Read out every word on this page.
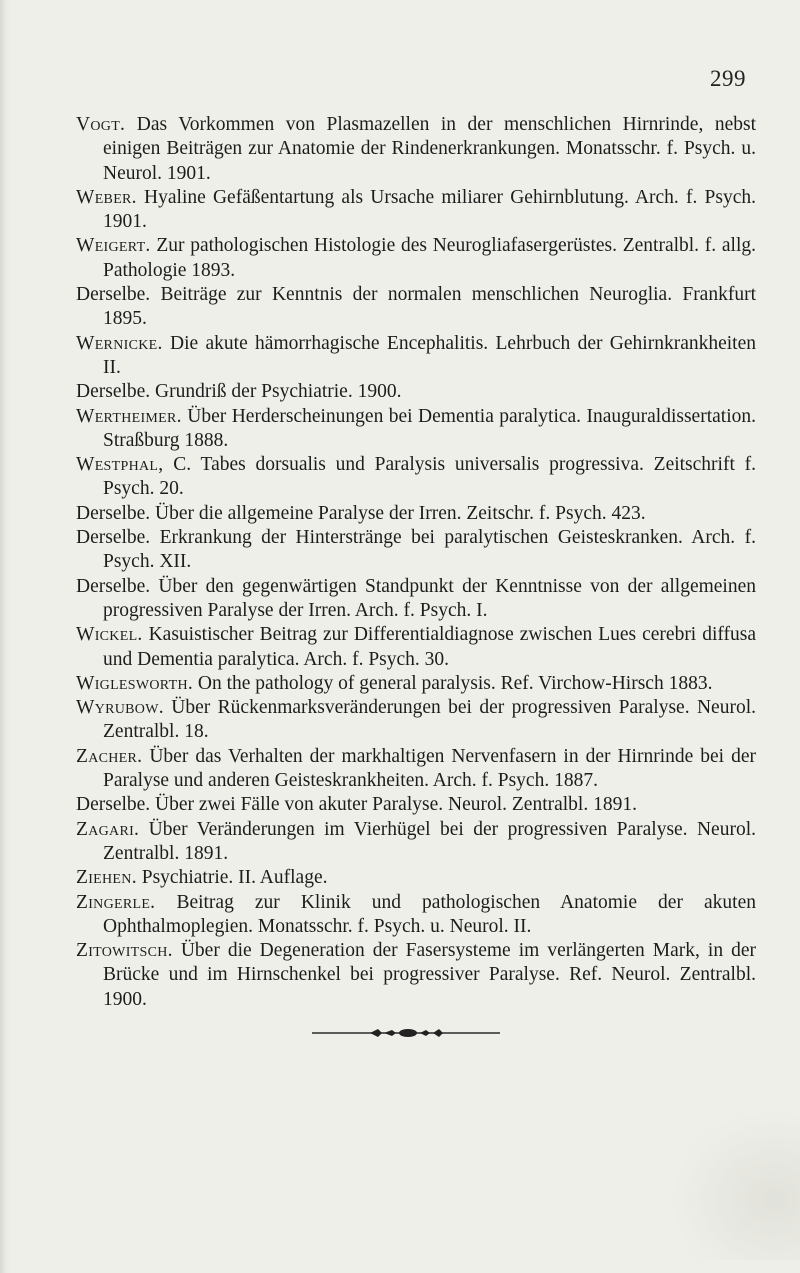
299

Vogt. Das Vorkommen von Plasmazellen in der menschlichen Hirnrinde, nebst einigen Beiträgen zur Anatomie der Rindenerkrankungen. Monatsschr. f. Psych. u. Neurol. 1901.

Weber. Hyaline Gefäßentartung als Ursache miliarer Gehirnblutung. Arch. f. Psych. 1901.

Weigert. Zur pathologischen Histologie des Neurogliafasergerüstes. Zentralbl. f. allg. Pathologie 1893.

Derselbe. Beiträge zur Kenntnis der normalen menschlichen Neuroglia. Frankfurt 1895.

Wernicke. Die akute hämorrhagische Encephalitis. Lehrbuch der Gehirnkrankheiten II.

Derselbe. Grundriß der Psychiatrie. 1900.

Wertheimer. Über Herderscheinungen bei Dementia paralytica. Inauguraldissertation. Straßburg 1888.

Westphal, C. Tabes dorsualis und Paralysis universalis progressiva. Zeitschrift f. Psych. 20.

Derselbe. Über die allgemeine Paralyse der Irren. Zeitschr. f. Psych. 423.

Derselbe. Erkrankung der Hinterstränge bei paralytischen Geisteskranken. Arch. f. Psych. XII.

Derselbe. Über den gegenwärtigen Standpunkt der Kenntnisse von der allgemeinen progressiven Paralyse der Irren. Arch. f. Psych. I.

Wickel. Kasuistischer Beitrag zur Differentialdiagnose zwischen Lues cerebri diffusa und Dementia paralytica. Arch. f. Psych. 30.

Wiglesworth. On the pathology of general paralysis. Ref. Virchow-Hirsch 1883.

Wyrubow. Über Rückenmarksveränderungen bei der progressiven Paralyse. Neurol. Zentralbl. 18.

Zacher. Über das Verhalten der markhaltigen Nervenfasern in der Hirnrinde bei der Paralyse und anderen Geisteskrankheiten. Arch. f. Psych. 1887.

Derselbe. Über zwei Fälle von akuter Paralyse. Neurol. Zentralbl. 1891.

Zagari. Über Veränderungen im Vierhügel bei der progressiven Paralyse. Neurol. Zentralbl. 1891.

Ziehen. Psychiatrie. II. Auflage.

Zingerle. Beitrag zur Klinik und pathologischen Anatomie der akuten Ophthalmoplegien. Monatsschr. f. Psych. u. Neurol. II.

Zitowitsch. Über die Degeneration der Fasersysteme im verlängerten Mark, in der Brücke und im Hirnschenkel bei progressiver Paralyse. Ref. Neurol. Zentralbl. 1900.
